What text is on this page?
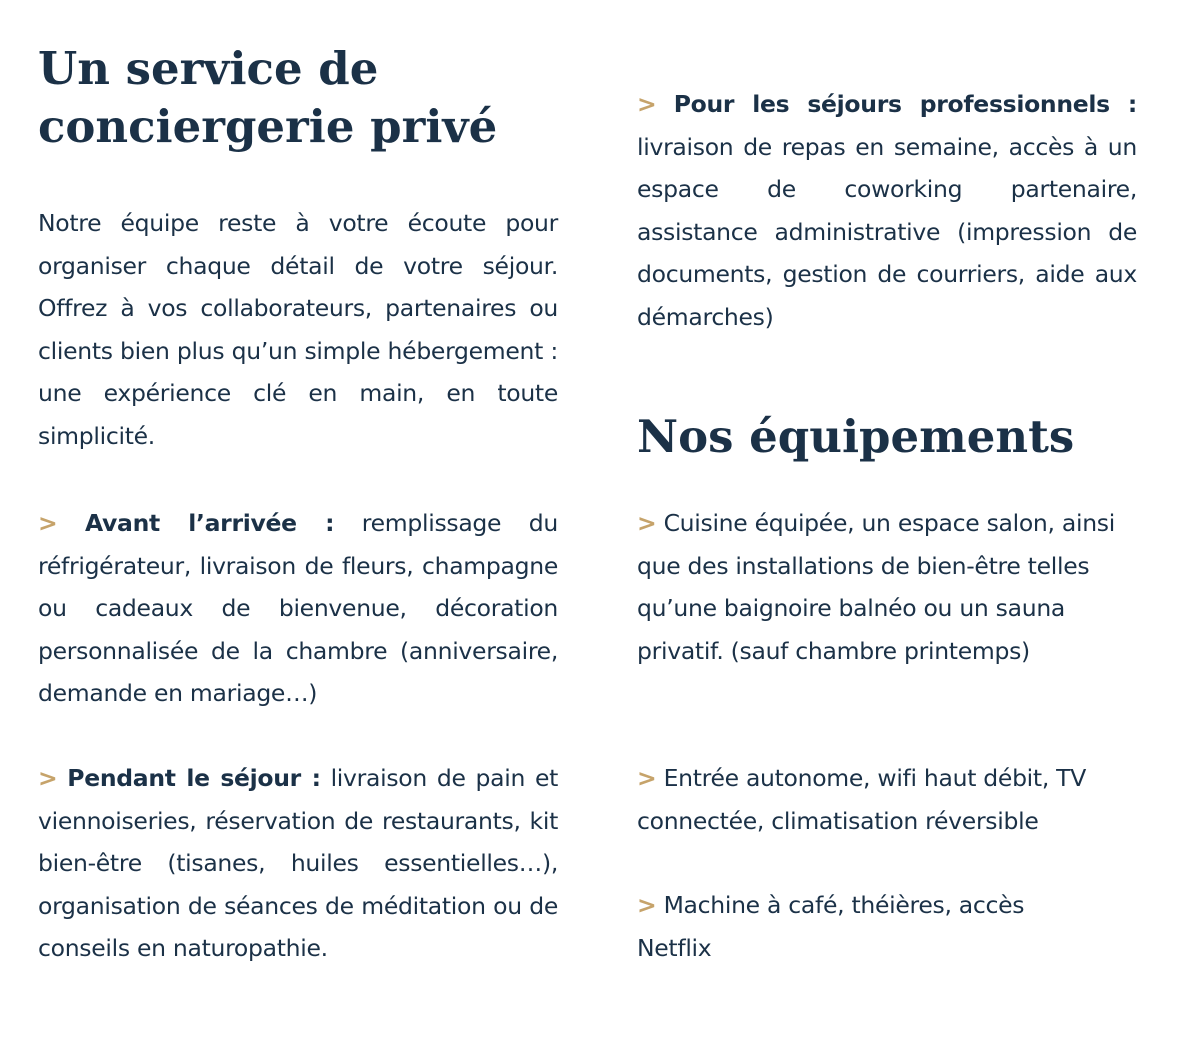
Un service de conciergerie privé

Notre équipe reste à votre écoute pour organiser chaque détail de votre séjour. Offrez à vos collaborateurs, partenaires ou clients bien plus qu’un simple hébergement : une expérience clé en main, en toute simplicité.

> Avant l’arrivée : remplissage du réfrigérateur, livraison de fleurs, champagne ou cadeaux de bienvenue, décoration personnalisée de la chambre (anniversaire, demande en mariage…)

> Pendant le séjour : livraison de pain et viennoiseries, réservation de restaurants, kit bien-être (tisanes, huiles essentielles…), organisation de séances de méditation ou de conseils en naturopathie.

> Pour les séjours professionnels : livraison de repas en semaine, accès à un espace de coworking partenaire, assistance administrative (impression de documents, gestion de courriers, aide aux démarches)

Nos équipements

> Cuisine équipée, un espace salon, ainsi que des installations de bien-être telles qu’une baignoire balnéo ou un sauna privatif. (sauf chambre printemps)

> Entrée autonome, wifi haut débit, TV connectée, climatisation réversible

> Machine à café, théières, accès Netflix
